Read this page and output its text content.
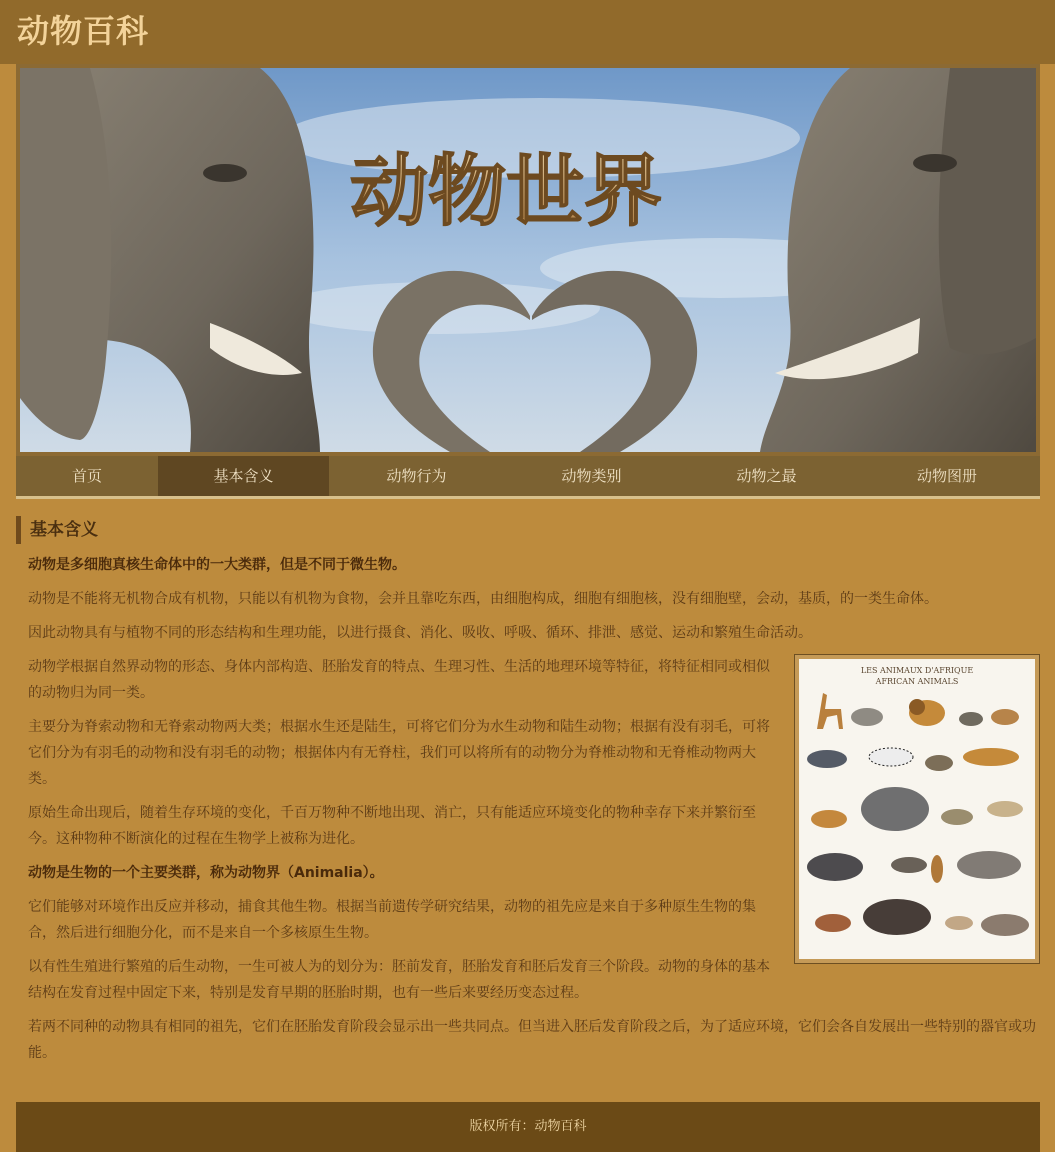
动物百科
动物世界
首页	基本含义	动物行为	动物类别	动物之最	动物图册
基本含义

动物是多细胞真核生命体中的一大类群，但是不同于微生物。

动物是不能将无机物合成有机物，只能以有机物为食物，会并且靠吃东西，由细胞构成，细胞有细胞核，没有细胞壁，会动，基质，的一类生命体。

因此动物具有与植物不同的形态结构和生理功能，以进行摄食、消化、吸收、呼吸、循环、排泄、感觉、运动和繁殖生命活动。

LES ANIMAUX D'AFRIQUE
AFRICAN ANIMALS

动物学根据自然界动物的形态、身体内部构造、胚胎发育的特点、生理习性、生活的地理环境等特征，将特征相同或相似的动物归为同一类。

主要分为脊索动物和无脊索动物两大类；根据水生还是陆生，可将它们分为水生动物和陆生动物；根据有没有羽毛，可将它们分为有羽毛的动物和没有羽毛的动物；根据体内有无脊柱，我们可以将所有的动物分为脊椎动物和无脊椎动物两大类。

原始生命出现后，随着生存环境的变化，千百万物种不断地出现、消亡，只有能适应环境变化的物种幸存下来并繁衍至今。这种物种不断演化的过程在生物学上被称为进化。

动物是生物的一个主要类群，称为动物界（Animalia）。

它们能够对环境作出反应并移动，捕食其他生物。根据当前遗传学研究结果，动物的祖先应是来自于多种原生生物的集合，然后进行细胞分化，而不是来自一个多核原生生物。

以有性生殖进行繁殖的后生动物，一生可被人为的划分为：胚前发育，胚胎发育和胚后发育三个阶段。动物的身体的基本结构在发育过程中固定下来，特别是发育早期的胚胎时期，也有一些后来要经历变态过程。

若两不同种的动物具有相同的祖先，它们在胚胎发育阶段会显示出一些共同点。但当进入胚后发育阶段之后，为了适应环境，它们会各自发展出一些特别的器官或功能。

版权所有：动物百科
